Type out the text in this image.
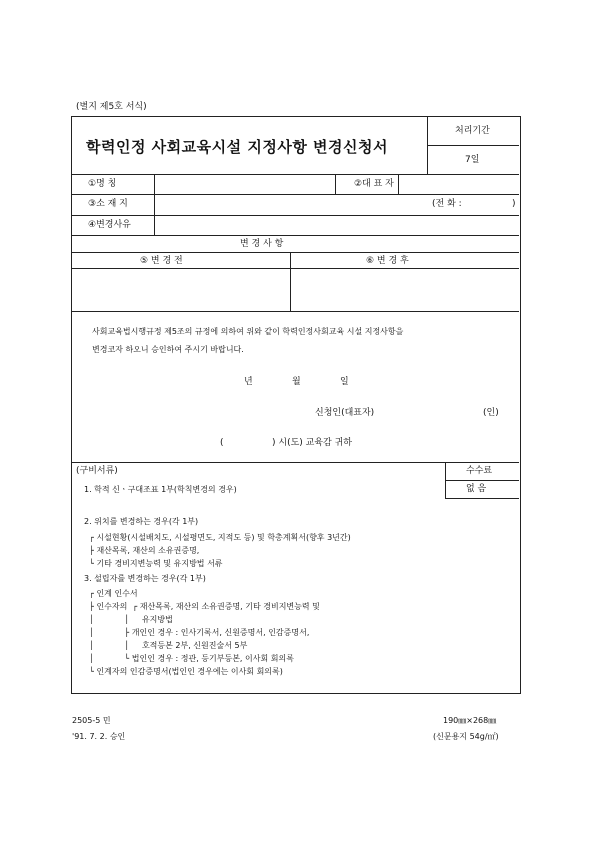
(별지 제5호 서식)
학력인정 사회교육시설 지정사항 변경신청서
처리기간
7일
①명 칭	②대 표 자
③소 재 지	(전 화 :	)
④변경사유
변 경 사 항
⑤ 변 경 전	⑥ 변 경 후
사회교육법시행규정 제5조의 규정에 의하여 위와 같이 학력인정사회교육 시설 지정사항을
변경코자 하오니 승인하여 주시기 바랍니다.
년	월	일
신청인(대표자)	(인)
(	) 시(도) 교육감 귀하
(구비서류)	수수료
없 음
1. 학적 신ㆍ구대조표 1부(학칙변경의 경우)
2. 위치를 변경하는 경우(각 1부)
┌ 시설현황(시설배치도, 시설평면도, 지적도 등) 및 학총계획서(향후 3년간)
├ 재산목록, 재산의 소유권증명,
└ 기타 경비지변능력 및 유지방법 서류
3. 설립자를 변경하는 경우(각 1부)
┌ 인계 인수서
├ 인수자의  ┌ 재산목록, 재산의 소유권증명, 기타 경비지변능력 및
│            │     유지방법
│            ├ 개인인 경우 : 인사기록서, 신원증명서, 인감증명서,
│            │     호적등본 2부, 신원진술서 5부
│            └ 법인인 경우 : 정관, 등기부등본, 이사회 회의록
└ 인계자의 인감증명서(법인인 경우에는 이사회 회의록)
2505-5 민
'91. 7. 2. 승인
190㎜×268㎜
(신문용지 54g/㎡)
